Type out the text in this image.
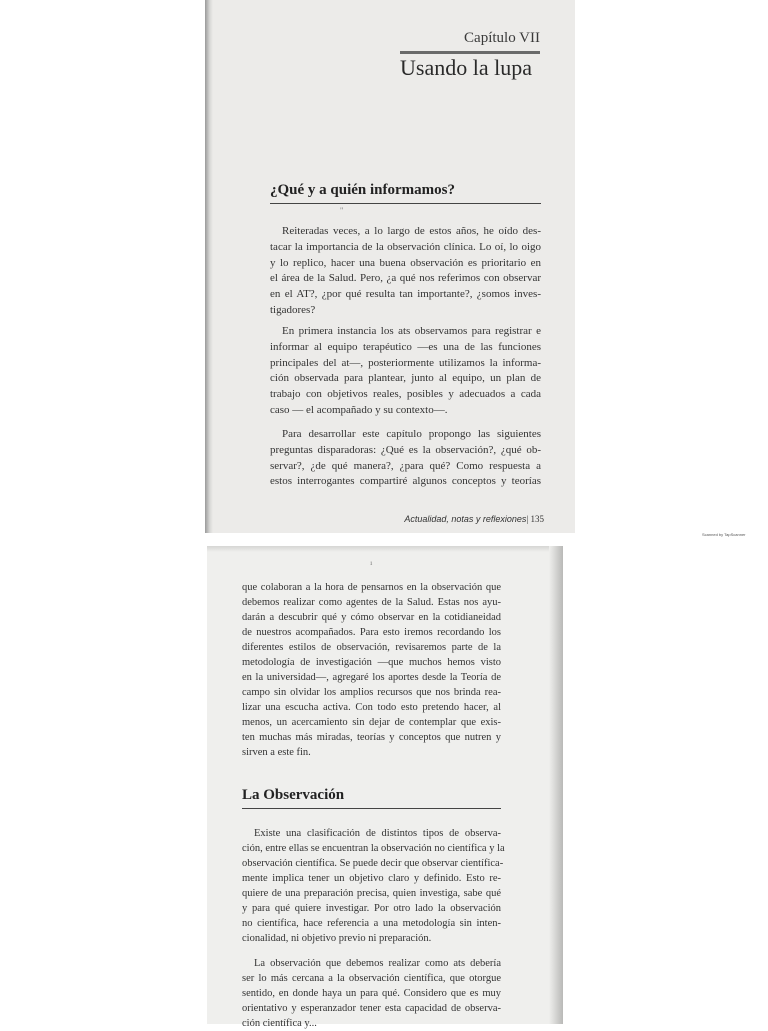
Capítulo VII
Usando la lupa
¿Qué y a quién informamos?
"
Reiteradas veces, a lo largo de estos años, he oído des-
tacar la importancia de la observación clínica. Lo oí, lo oigo
y lo replico, hacer una buena observación es prioritario en
el área de la Salud. Pero, ¿a qué nos referimos con observar
en el AT?, ¿por qué resulta tan importante?, ¿somos inves-
tigadores?
En primera instancia los ats observamos para registrar e
informar al equipo terapéutico —es una de las funciones
principales del at—, posteriormente utilizamos la informa-
ción observada para plantear, junto al equipo, un plan de
trabajo con objetivos reales, posibles y adecuados a cada
caso — el acompañado y su contexto—.
Para desarrollar este capítulo propongo las siguientes
preguntas disparadoras: ¿Qué es la observación?, ¿qué ob-
servar?, ¿de qué manera?, ¿para qué? Como respuesta a
estos interrogantes compartiré algunos conceptos y teorías
Actualidad, notas y reflexiones| 135
Scanned by TapScanner
¹
que colaboran a la hora de pensarnos en la observación que
debemos realizar como agentes de la Salud. Estas nos ayu-
darán a descubrir qué y cómo observar en la cotidianeidad
de nuestros acompañados. Para esto iremos recordando los
diferentes estilos de observación, revisaremos parte de la
metodología de investigación —que muchos hemos visto
en la universidad—, agregaré los aportes desde la Teoría de
campo sin olvidar los amplios recursos que nos brinda rea-
lizar una escucha activa. Con todo esto pretendo hacer, al
menos, un acercamiento sin dejar de contemplar que exis-
ten muchas más miradas, teorías y conceptos que nutren y
sirven a este fin.
La Observación
Existe una clasificación de distintos tipos de observa-
ción, entre ellas se encuentran la observación no científica y la
observación científica. Se puede decir que observar científica-
mente implica tener un objetivo claro y definido. Esto re-
quiere de una preparación precisa, quien investiga, sabe qué
y para qué quiere investigar. Por otro lado la observación
no científica, hace referencia a una metodología sin inten-
cionalidad, ni objetivo previo ni preparación.
La observación que debemos realizar como ats debería
ser lo más cercana a la observación científica, que otorgue
sentido, en donde haya un para qué. Considero que es muy
orientativo y esperanzador tener esta capacidad de observa-
ción científica y...
